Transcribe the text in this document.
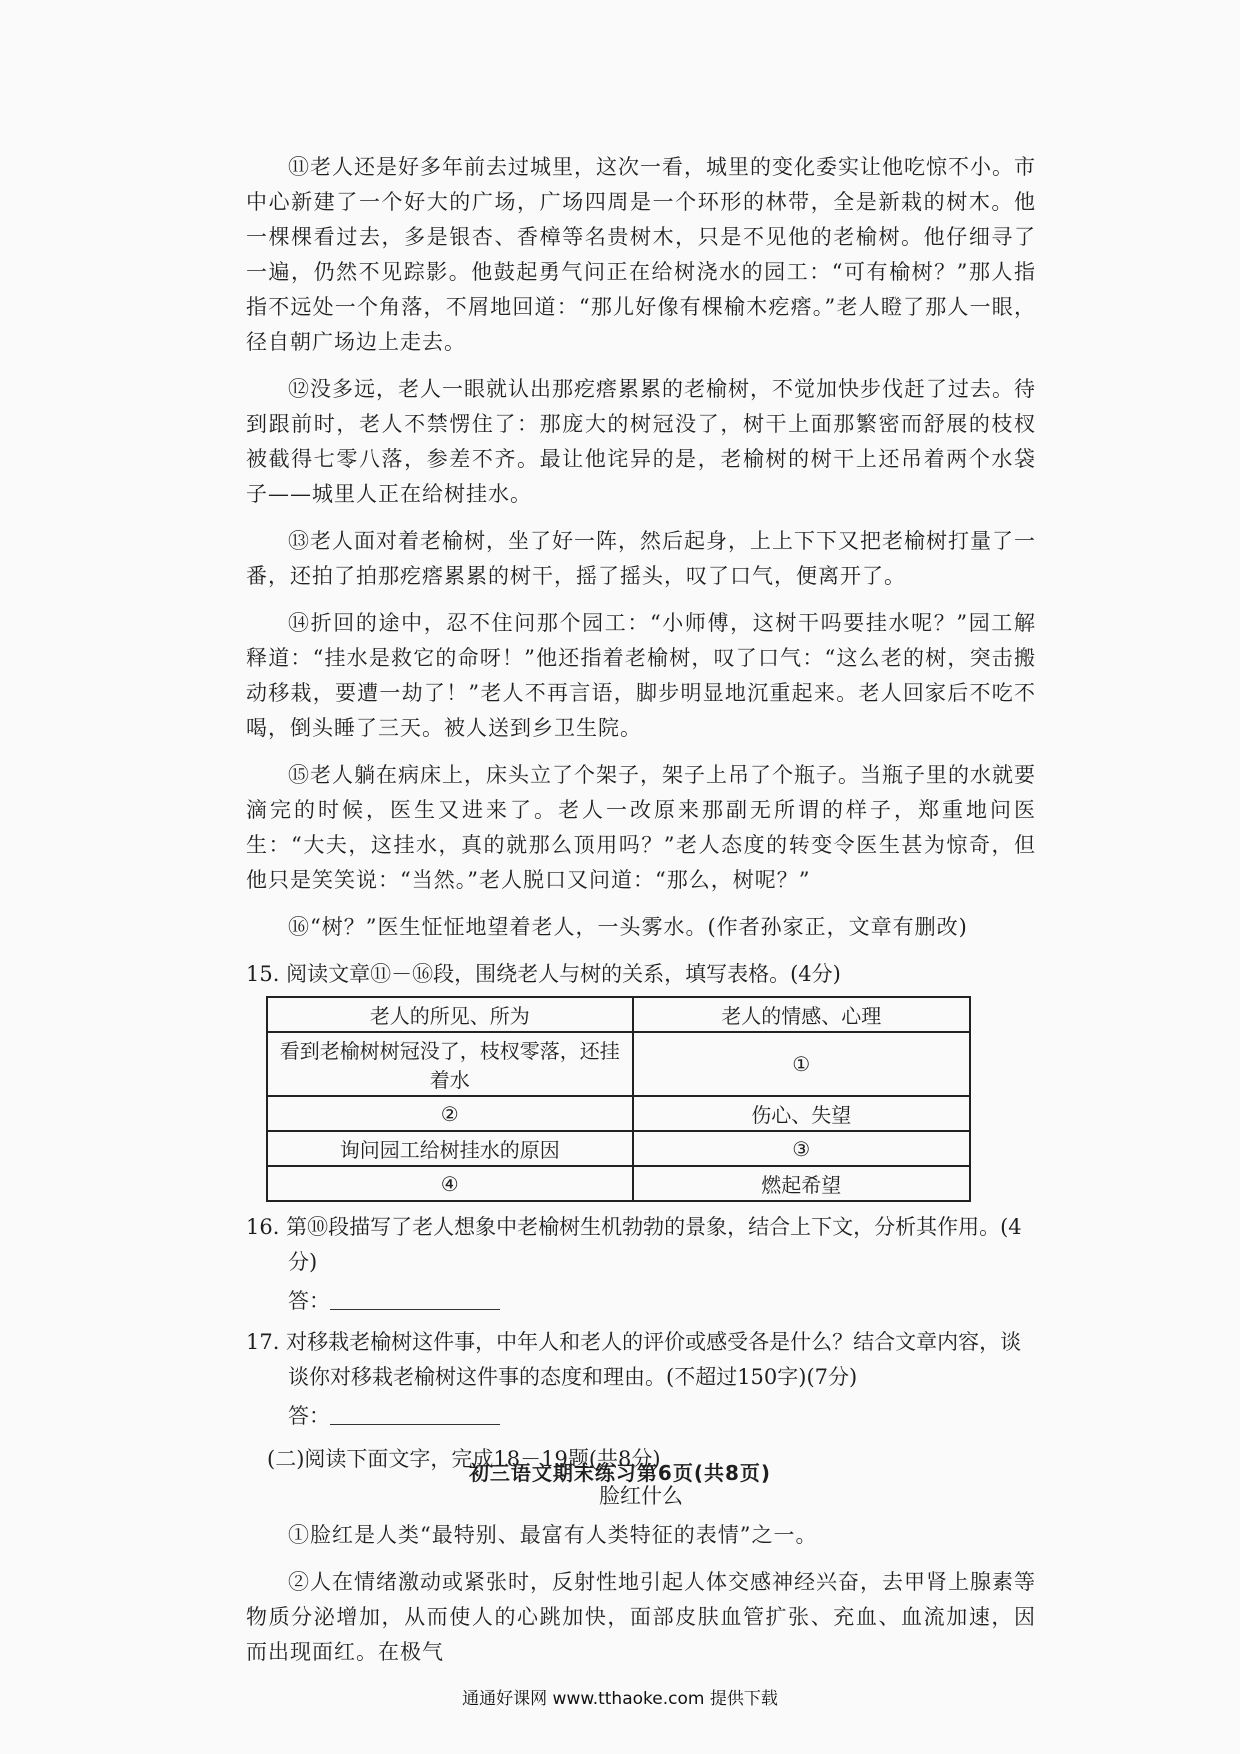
⑪老人还是好多年前去过城里，这次一看，城里的变化委实让他吃惊不小。市中心新建了一个好大的广场，广场四周是一个环形的林带，全是新栽的树木。他一棵棵看过去，多是银杏、香樟等名贵树木，只是不见他的老榆树。他仔细寻了一遍，仍然不见踪影。他鼓起勇气问正在给树浇水的园工：“可有榆树？”那人指指不远处一个角落，不屑地回道：“那儿好像有棵榆木疙瘩。”老人瞪了那人一眼，径自朝广场边上走去。

⑫没多远，老人一眼就认出那疙瘩累累的老榆树，不觉加快步伐赶了过去。待到跟前时，老人不禁愣住了：那庞大的树冠没了，树干上面那繁密而舒展的枝杈被截得七零八落，参差不齐。最让他诧异的是，老榆树的树干上还吊着两个水袋子——城里人正在给树挂水。

⑬老人面对着老榆树，坐了好一阵，然后起身，上上下下又把老榆树打量了一番，还拍了拍那疙瘩累累的树干，摇了摇头，叹了口气，便离开了。

⑭折回的途中，忍不住问那个园工：“小师傅，这树干吗要挂水呢？”园工解释道：“挂水是救它的命呀！”他还指着老榆树，叹了口气：“这么老的树，突击搬动移栽，要遭一劫了！”老人不再言语，脚步明显地沉重起来。老人回家后不吃不喝，倒头睡了三天。被人送到乡卫生院。

⑮老人躺在病床上，床头立了个架子，架子上吊了个瓶子。当瓶子里的水就要滴完的时候，医生又进来了。老人一改原来那副无所谓的样子，郑重地问医生：“大夫，这挂水，真的就那么顶用吗？”老人态度的转变令医生甚为惊奇，但他只是笑笑说：“当然。”老人脱口又问道：“那么，树呢？”

⑯“树？”医生怔怔地望着老人，一头雾水。(作者孙家正，文章有删改)

15. 阅读文章⑪－⑯段，围绕老人与树的关系，填写表格。(4分)

老人的所见、所为	老人的情感、心理
看到老榆树树冠没了，枝杈零落，还挂着水	①
②	伤心、失望
询问园工给树挂水的原因	③
④	燃起希望

16. 第⑩段描写了老人想象中老榆树生机勃勃的景象，结合上下文，分析其作用。(4分)

答：

17. 对移栽老榆树这件事，中年人和老人的评价或感受各是什么？结合文章内容，谈谈你对移栽老榆树这件事的态度和理由。(不超过150字)(7分)

答：

(二)阅读下面文字，完成18－19题(共8分)

脸红什么

①脸红是人类“最特别、最富有人类特征的表情”之一。

②人在情绪激动或紧张时，反射性地引起人体交感神经兴奋，去甲肾上腺素等物质分泌增加，从而使人的心跳加快，面部皮肤血管扩张、充血、血流加速，因而出现面红。在极气

初三语文期末练习第6页(共8页)
通通好课网 www.tthaoke.com 提供下载
